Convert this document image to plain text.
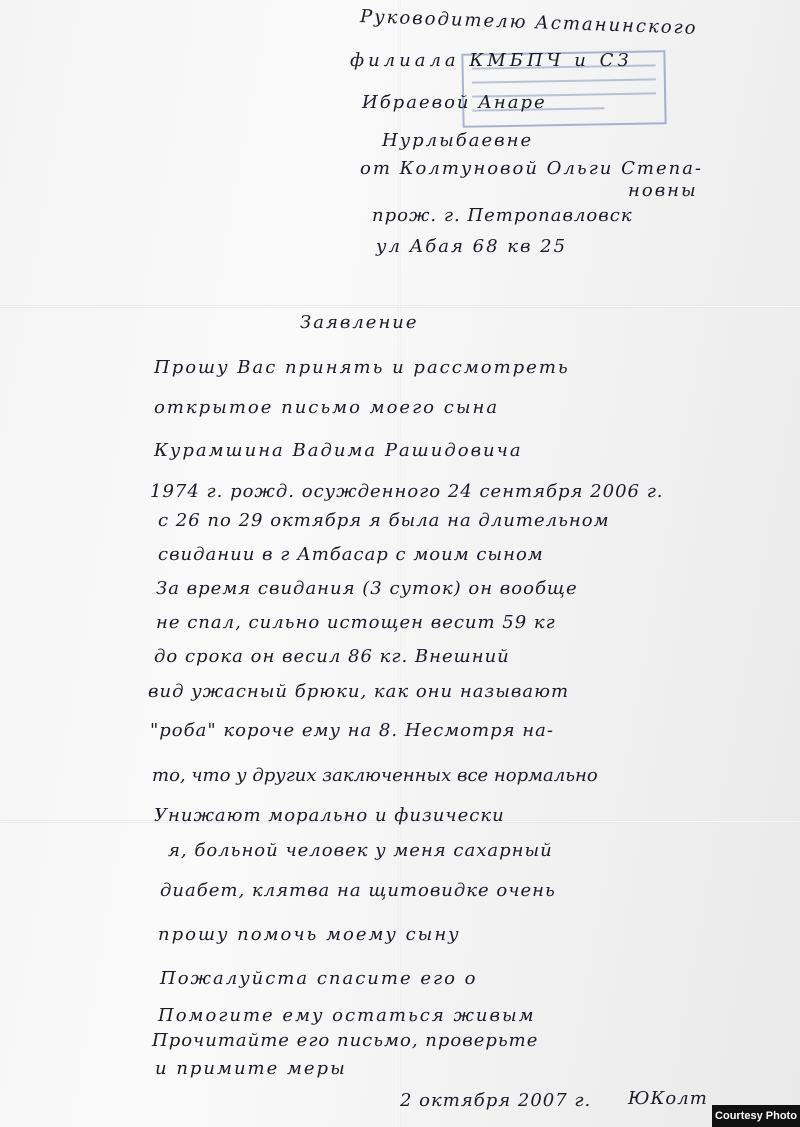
Руководителю Астанинского
филиала КМБПЧ и СЗ
Ибраевой Анаре
Нурлыбаевне
от Колтуновой Ольги Степа-
новны
прож. г. Петропавловск
ул Абая 68 кв 25
Заявление
Прошу Вас принять и рассмотреть
открытое письмо моего сына
Курамшина Вадима Рашидовича
1974 г. рожд. осужденного 24 сентября 2006 г.
с 26 по 29 октября я была на длительном
свидании в г Атбасар с моим сыном
За время свидания (3 суток) он вообще
не спал, сильно истощен весит 59 кг
до срока он весил 86 кг. Внешний
вид ужасный брюки, как они называют
"роба" короче ему на 8. Несмотря на-
то, что у других заключенных все нормально
Унижают морально и физически
я, больной человек у меня сахарный
диабет, клятва на щитовидке очень
прошу помочь моему сыну
Пожалуйста спасите его о
Помогите ему остаться живым
Прочитайте его письмо, проверьте
и примите меры
2 октября 2007 г. ЮКолт
Courtesy Photo
